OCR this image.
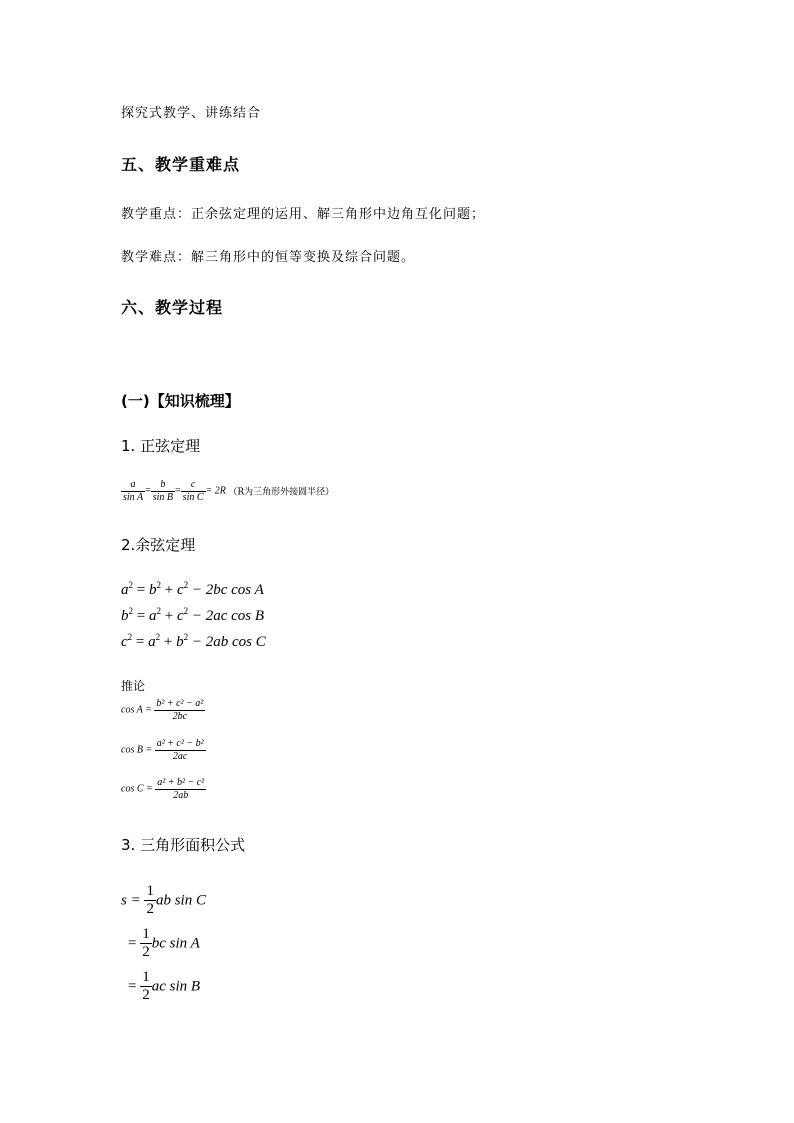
探究式教学、讲练结合
五、教学重难点
教学重点：正余弦定理的运用、解三角形中边角互化问题；
教学难点：解三角形中的恒等变换及综合问题。
六、教学过程
(一)【知识梳理】
1. 正弦定理
$\frac{a}{\text{sin A}} = \frac{b}{\text{sin B}} = \frac{c}{\text{sin C}} = 2R$ （R为三角形外接圆半径）
2.余弦定理
$a^2 = b^2 + c^2 - 2bc$ cos A
$b^2 = a^2 + c^2 - 2ac$ cos B
$c^2 = a^2 + b^2 - 2ab$ cos C
推论
$\cos A = \frac{\text{b² + c² − a²}}{2bc}$
$\cos B = \frac{\text{a² + c² − b²}}{2ac}$
$\cos C = \frac{\text{a² + b² − c²}}{2ab}$
3. 三角形面积公式
$s = \frac{1}{2}$ ab sin C
= $\frac{1}{2}$ bc sin A
= $\frac{1}{2}$ ac sin B
